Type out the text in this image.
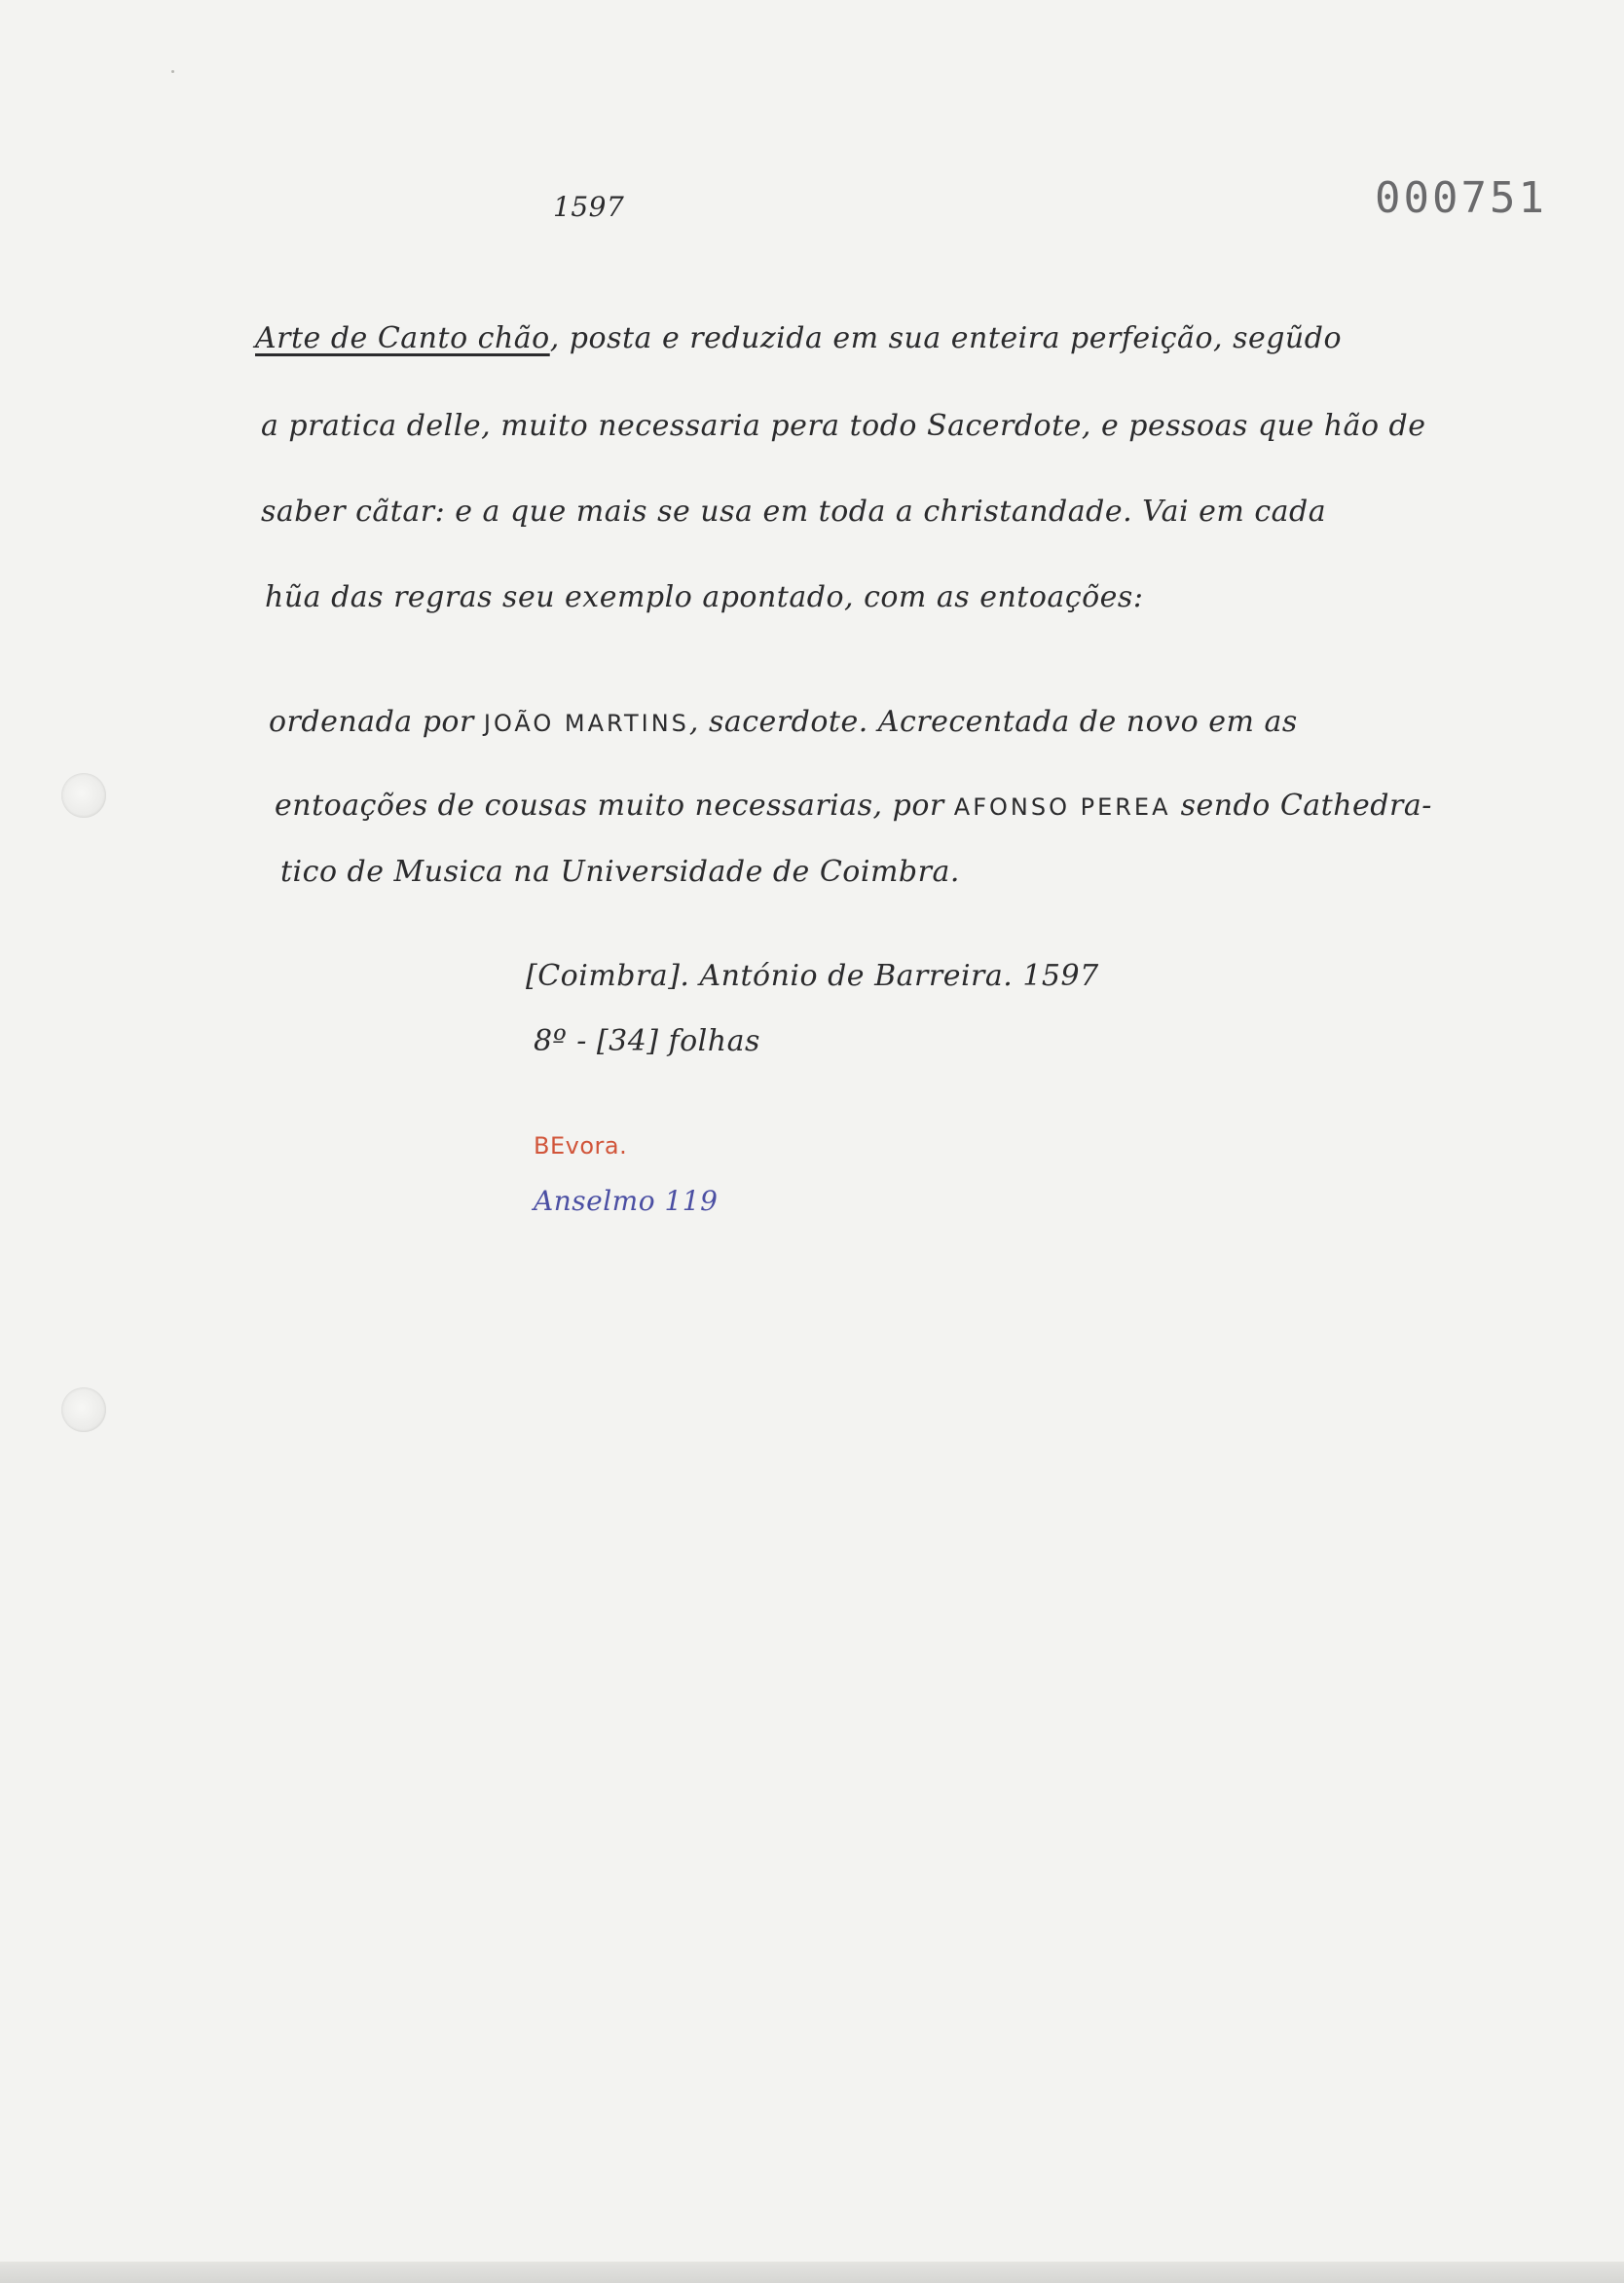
1597	000751
Arte de Canto chão, posta e reduzida em sua enteira perfeição, segũdo
a pratica delle, muito necessaria pera todo Sacerdote, e pessoas que hão de
saber cãtar: e a que mais se usa em toda a christandade. Vai em cada
hũa das regras seu exemplo apontado, com as entoações:
ordenada por JOÃO MARTINS, sacerdote. Acrecentada de novo em as
entoações de cousas muito necessarias, por AFONSO PEREA sendo Cathedra-
tico de Musica na Universidade de Coimbra.
[Coimbra]. António de Barreira. 1597
8º - [34] folhas
BEvora.
Anselmo 119
